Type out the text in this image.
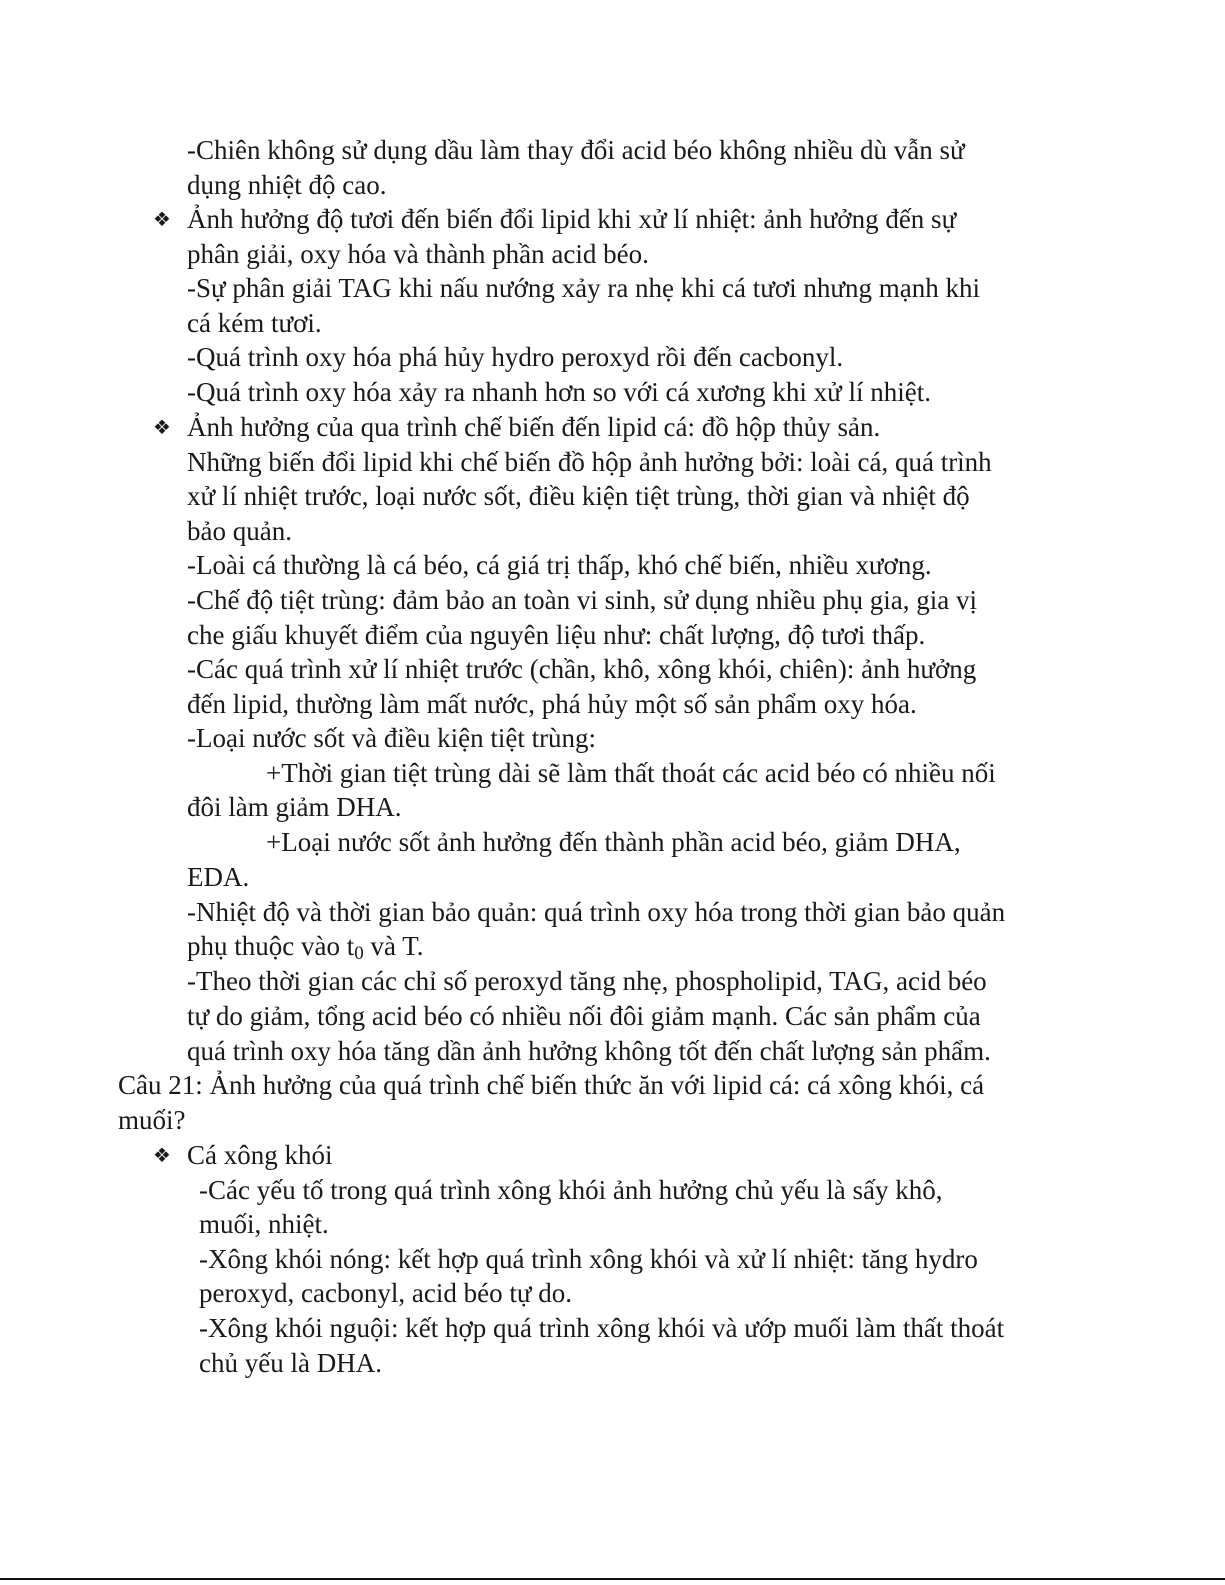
-Chiên không sử dụng dầu làm thay đổi acid béo không nhiều dù vẫn sử
dụng nhiệt độ cao.
❖ Ảnh hưởng độ tươi đến biến đổi lipid khi xử lí nhiệt: ảnh hưởng đến sự
phân giải, oxy hóa và thành phần acid béo.
-Sự phân giải TAG khi nấu nướng xảy ra nhẹ khi cá tươi nhưng mạnh khi
cá kém tươi.
-Quá trình oxy hóa phá hủy hydro peroxyd rồi đến cacbonyl.
-Quá trình oxy hóa xảy ra nhanh hơn so với cá xương khi xử lí nhiệt.
❖ Ảnh hưởng của qua trình chế biến đến lipid cá: đồ hộp thủy sản.
Những biến đổi lipid khi chế biến đồ hộp ảnh hưởng bởi: loài cá, quá trình
xử lí nhiệt trước, loại nước sốt, điều kiện tiệt trùng, thời gian và nhiệt độ
bảo quản.
-Loài cá thường là cá béo, cá giá trị thấp, khó chế biến, nhiều xương.
-Chế độ tiệt trùng: đảm bảo an toàn vi sinh, sử dụng nhiều phụ gia, gia vị
che giấu khuyết điểm của nguyên liệu như: chất lượng, độ tươi thấp.
-Các quá trình xử lí nhiệt trước (chần, khô, xông khói, chiên): ảnh hưởng
đến lipid, thường làm mất nước, phá hủy một số sản phẩm oxy hóa.
-Loại nước sốt và điều kiện tiệt trùng:
+Thời gian tiệt trùng dài sẽ làm thất thoát các acid béo có nhiều nối
đôi làm giảm DHA.
+Loại nước sốt ảnh hưởng đến thành phần acid béo, giảm DHA,
EDA.
-Nhiệt độ và thời gian bảo quản: quá trình oxy hóa trong thời gian bảo quản
phụ thuộc vào $t_0$ và T.
-Theo thời gian các chỉ số peroxyd tăng nhẹ, phospholipid, TAG, acid béo
tự do giảm, tổng acid béo có nhiều nối đôi giảm mạnh. Các sản phẩm của
quá trình oxy hóa tăng dần ảnh hưởng không tốt đến chất lượng sản phẩm.
Câu 21: Ảnh hưởng của quá trình chế biến thức ăn với lipid cá: cá xông khói, cá
muối?
❖ Cá xông khói
-Các yếu tố trong quá trình xông khói ảnh hưởng chủ yếu là sấy khô,
muối, nhiệt.
-Xông khói nóng: kết hợp quá trình xông khói và xử lí nhiệt: tăng hydro
peroxyd, cacbonyl, acid béo tự do.
-Xông khói nguội: kết hợp quá trình xông khói và ướp muối làm thất thoát
chủ yếu là DHA.
